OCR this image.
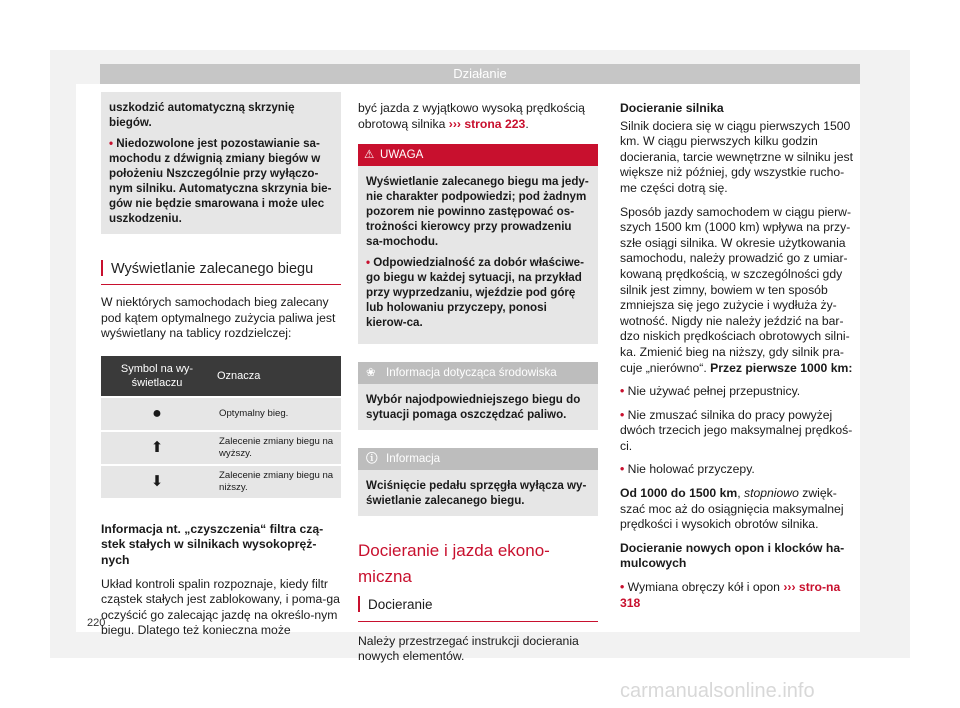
Działanie
uszkodzić automatyczną skrzynię biegów.
• Niedozwolone jest pozostawianie sa-mochodu z dźwignią zmiany biegów w położeniu Nszczególnie przy wyłączo-nym silniku. Automatyczna skrzynia bie-gów nie będzie smarowana i może ulec uszkodzeniu.
Wyświetlanie zalecanego biegu

W niektórych samochodach bieg zalecany pod kątem optymalnego zużycia paliwa jest wyświetlany na tablicy rozdzielczej:

Symbol na wy-świetlaczu	Oznacza
●	Optymalny bieg.
⬆	Zalecenie zmiany biegu na wyższy.
⬇	Zalecenie zmiany biegu na niższy.

Informacja nt. „czyszczenia“ filtra czą-stek stałych w silnikach wysokopręż-nych

Układ kontroli spalin rozpoznaje, kiedy filtr cząstek stałych jest zablokowany, i poma-ga oczyścić go zalecając jazdę na określo-nym biegu. Dlatego też konieczna może

być jazda z wyjątkowo wysoką prędkością obrotową silnika ››› strona 223.

⚠ UWAGA

Wyświetlanie zalecanego biegu ma jedy-nie charakter podpowiedzi; pod żadnym pozorem nie powinno zastępować os-trożności kierowcy przy prowadzeniu sa-mochodu.

• Odpowiedzialność za dobór właściwe-go biegu w każdej sytuacji, na przykład przy wyprzedzaniu, wjeździe pod górę lub holowaniu przyczepy, ponosi kierow-ca.

❀ Informacja dotycząca środowiska
Wybór najodpowiedniejszego biegu do sytuacji pomaga oszczędzać paliwo.
ⓘ Informacja
Wciśnięcie pedału sprzęgła wyłącza wy-świetlanie zalecanego biegu.
Docieranie i jazda ekono-miczna
Docieranie

Należy przestrzegać instrukcji docierania nowych elementów.

Docieranie silnika

Silnik dociera się w ciągu pierwszych 1500 km. W ciągu pierwszych kilku godzin docierania, tarcie wewnętrzne w silniku jest większe niż później, gdy wszystkie rucho-me części dotrą się.

Sposób jazdy samochodem w ciągu pierw-szych 1500 km (1000 km) wpływa na przy-szłe osiągi silnika. W okresie użytkowania samochodu, należy prowadzić go z umiar-kowaną prędkością, w szczególności gdy silnik jest zimny, bowiem w ten sposób zmniejsza się jego zużycie i wydłuża ży-wotność. Nigdy nie należy jeździć na bar-dzo niskich prędkościach obrotowych silni-ka. Zmienić bieg na niższy, gdy silnik pra-cuje „nierówno“. Przez pierwsze 1000 km:

• Nie używać pełnej przepustnicy.

• Nie zmuszać silnika do pracy powyżej dwóch trzecich jego maksymalnej prędkoś-ci.

• Nie holować przyczepy.

Od 1000 do 1500 km, stopniowo zwięk-szać moc aż do osiągnięcia maksymalnej prędkości i wysokich obrotów silnika.

Docieranie nowych opon i klocków ha-mulcowych

• Wymiana obręczy kół i opon ››› stro-na 318

220
carmanualsonline.info
